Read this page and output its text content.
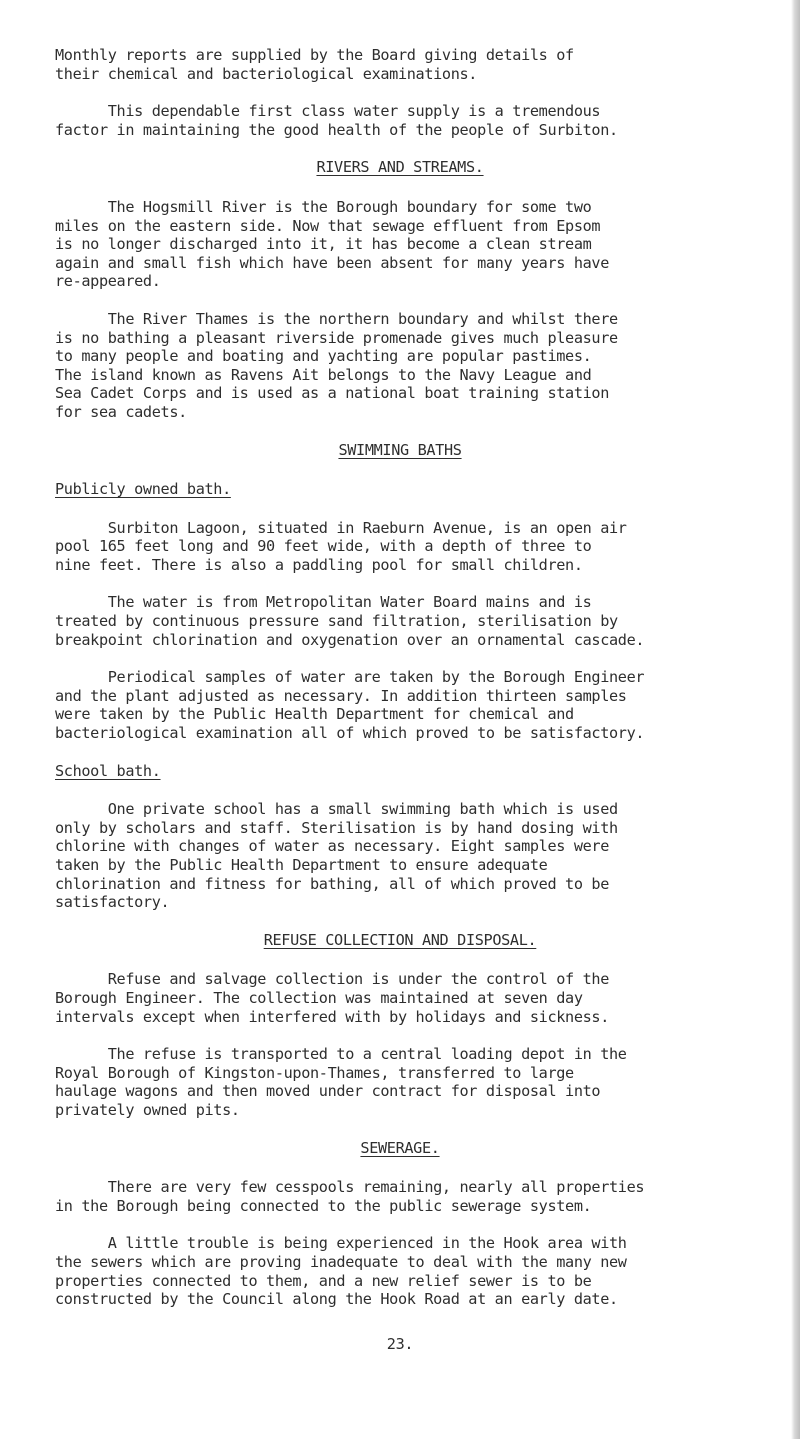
Monthly reports are supplied by the Board giving details of
their chemical and bacteriological examinations.
This dependable first class water supply is a tremendous
factor in maintaining the good health of the people of Surbiton.
RIVERS AND STREAMS.
The Hogsmill River is the Borough boundary for some two
miles on the eastern side. Now that sewage effluent from Epsom
is no longer discharged into it, it has become a clean stream
again and small fish which have been absent for many years have
re-appeared.
The River Thames is the northern boundary and whilst there
is no bathing a pleasant riverside promenade gives much pleasure
to many people and boating and yachting are popular pastimes.
The island known as Ravens Ait belongs to the Navy League and
Sea Cadet Corps and is used as a national boat training station
for sea cadets.
SWIMMING BATHS
Publicly owned bath.
Surbiton Lagoon, situated in Raeburn Avenue, is an open air
pool 165 feet long and 90 feet wide, with a depth of three to
nine feet. There is also a paddling pool for small children.
The water is from Metropolitan Water Board mains and is
treated by continuous pressure sand filtration, sterilisation by
breakpoint chlorination and oxygenation over an ornamental cascade.
Periodical samples of water are taken by the Borough Engineer
and the plant adjusted as necessary. In addition thirteen samples
were taken by the Public Health Department for chemical and
bacteriological examination all of which proved to be satisfactory.
School bath.
One private school has a small swimming bath which is used
only by scholars and staff. Sterilisation is by hand dosing with
chlorine with changes of water as necessary. Eight samples were
taken by the Public Health Department to ensure adequate
chlorination and fitness for bathing, all of which proved to be
satisfactory.
REFUSE COLLECTION AND DISPOSAL.
Refuse and salvage collection is under the control of the
Borough Engineer. The collection was maintained at seven day
intervals except when interfered with by holidays and sickness.
The refuse is transported to a central loading depot in the
Royal Borough of Kingston-upon-Thames, transferred to large
haulage wagons and then moved under contract for disposal into
privately owned pits.
SEWERAGE.
There are very few cesspools remaining, nearly all properties
in the Borough being connected to the public sewerage system.
A little trouble is being experienced in the Hook area with
the sewers which are proving inadequate to deal with the many new
properties connected to them, and a new relief sewer is to be
constructed by the Council along the Hook Road at an early date.
23.
